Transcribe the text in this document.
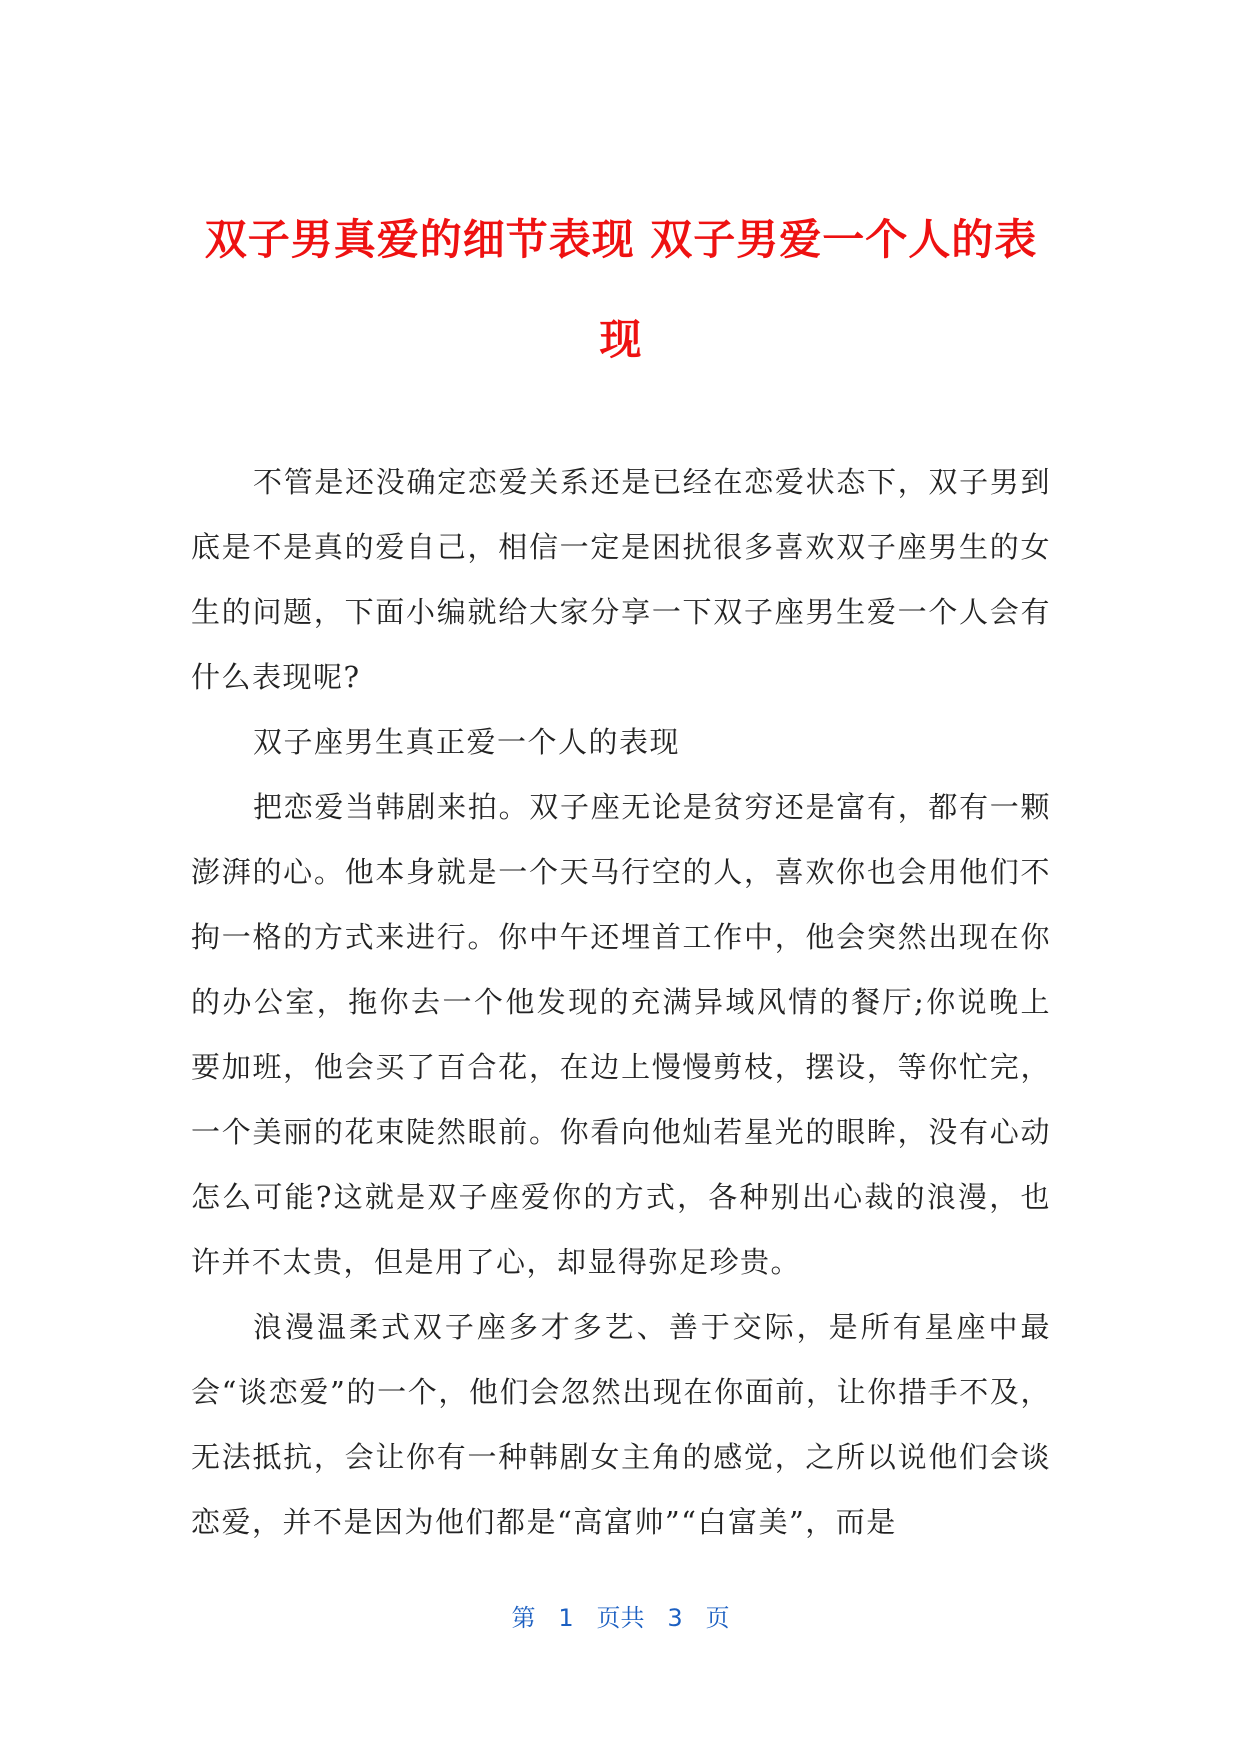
双子男真爱的细节表现 双子男爱一个人的表
现

不管是还没确定恋爱关系还是已经在恋爱状态下，双子男到底是不是真的爱自己，相信一定是困扰很多喜欢双子座男生的女生的问题，下面小编就给大家分享一下双子座男生爱一个人会有什么表现呢?

双子座男生真正爱一个人的表现

把恋爱当韩剧来拍。双子座无论是贫穷还是富有，都有一颗澎湃的心。他本身就是一个天马行空的人，喜欢你也会用他们不拘一格的方式来进行。你中午还埋首工作中，他会突然出现在你的办公室，拖你去一个他发现的充满异域风情的餐厅;你说晚上要加班，他会买了百合花，在边上慢慢剪枝，摆设，等你忙完，一个美丽的花束陡然眼前。你看向他灿若星光的眼眸，没有心动怎么可能?这就是双子座爱你的方式，各种别出心裁的浪漫，也许并不太贵，但是用了心，却显得弥足珍贵。

浪漫温柔式双子座多才多艺、善于交际，是所有星座中最会“谈恋爱”的一个，他们会忽然出现在你面前，让你措手不及，无法抵抗，会让你有一种韩剧女主角的感觉，之所以说他们会谈恋爱，并不是因为他们都是“高富帅”“白富美”，而是

第 1 页共 3 页
